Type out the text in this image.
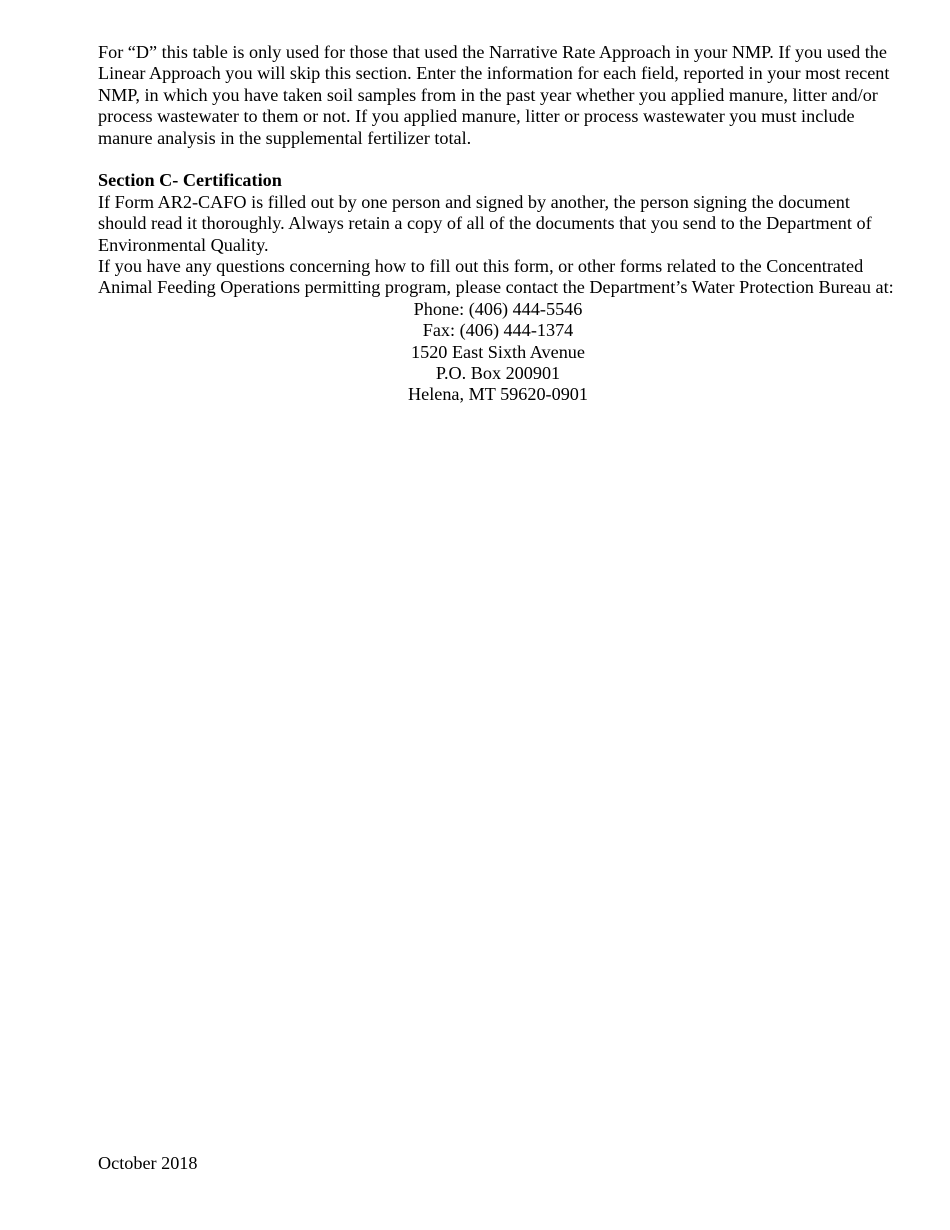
For “D” this table is only used for those that used the Narrative Rate Approach in your NMP. If you used the Linear Approach you will skip this section. Enter the information for each field, reported in your most recent NMP, in which you have taken soil samples from in the past year whether you applied manure, litter and/or process wastewater to them or not. If you applied manure, litter or process wastewater you must include manure analysis in the supplemental fertilizer total.

Section C- Certification

If Form AR2-CAFO is filled out by one person and signed by another, the person signing the document should read it thoroughly. Always retain a copy of all of the documents that you send to the Department of Environmental Quality.

If you have any questions concerning how to fill out this form, or other forms related to the Concentrated Animal Feeding Operations permitting program, please contact the Department’s Water Protection Bureau at:

Phone: (406) 444-5546
Fax: (406) 444-1374
1520 East Sixth Avenue
P.O. Box 200901
Helena, MT 59620-0901
October 2018
